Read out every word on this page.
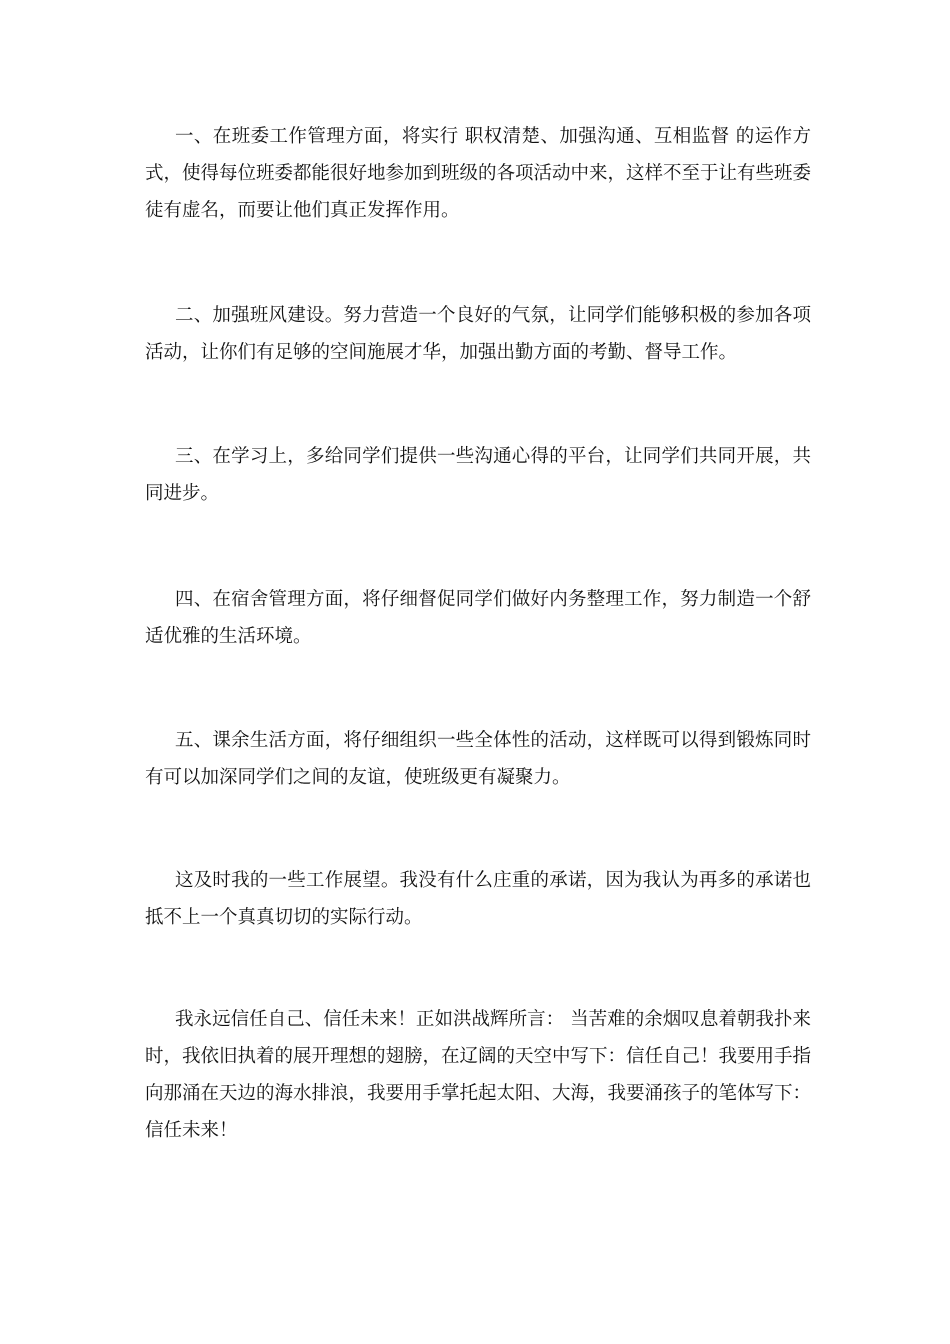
一、在班委工作管理方面，将实行 职权清楚、加强沟通、互相监督 的运作方式，使得每位班委都能很好地参加到班级的各项活动中来，这样不至于让有些班委徒有虚名，而要让他们真正发挥作用。

二、加强班风建设。努力营造一个良好的气氛，让同学们能够积极的参加各项活动，让你们有足够的空间施展才华，加强出勤方面的考勤、督导工作。

三、在学习上，多给同学们提供一些沟通心得的平台，让同学们共同开展，共同进步。

四、在宿舍管理方面，将仔细督促同学们做好内务整理工作，努力制造一个舒适优雅的生活环境。

五、课余生活方面，将仔细组织一些全体性的活动，这样既可以得到锻炼同时有可以加深同学们之间的友谊，使班级更有凝聚力。

这及时我的一些工作展望。我没有什么庄重的承诺，因为我认为再多的承诺也抵不上一个真真切切的实际行动。

我永远信任自己、信任未来！正如洪战辉所言： 当苦难的余烟叹息着朝我扑来时，我依旧执着的展开理想的翅膀，在辽阔的天空中写下：信任自己！我要用手指向那涌在天边的海水排浪，我要用手掌托起太阳、大海，我要涌孩子的笔体写下：信任未来！
